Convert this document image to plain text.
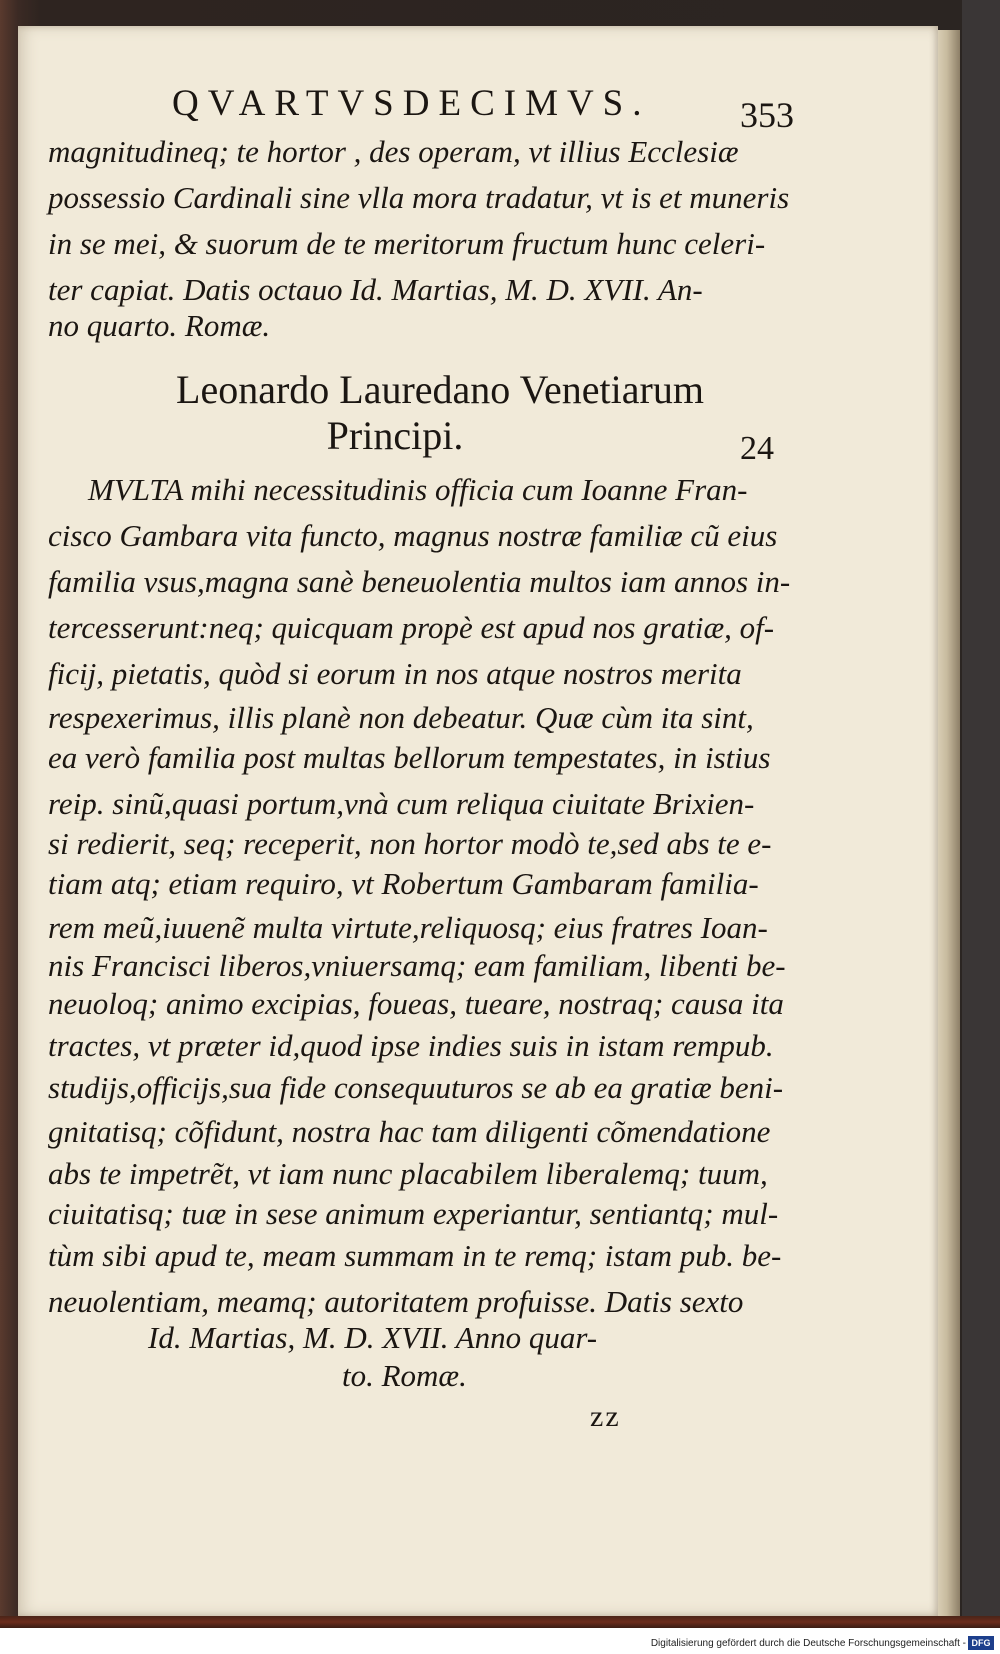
QVARTVSDECIMVS. 353
magnitudineq; te hortor , des operam, vt illius Ecclesiæ
possessio Cardinali sine vlla mora tradatur, vt is et muneris
in se mei, & suorum de te meritorum fructum hunc celeri-
ter capiat. Datis octauo Id. Martias, M. D. XVII. An-
no quarto. Romæ.
Leonardo Lauredano Venetiarum
Principi.	24
MVLTA mihi necessitudinis officia cum Ioanne Fran-
cisco Gambara vita functo, magnus nostræ familiæ cũ eius
familia vsus,magna sanè beneuolentia multos iam annos in-
tercesserunt:neq; quicquam propè est apud nos gratiæ, of-
ficij, pietatis, quòd si eorum in nos atque nostros merita
respexerimus, illis planè non debeatur. Quæ cùm ita sint,
ea verò familia post multas bellorum tempestates, in istius
reip. sinũ,quasi portum,vnà cum reliqua ciuitate Brixien-
si redierit, seq; receperit, non hortor modò te,sed abs te e-
tiam atq; etiam requiro, vt Robertum Gambaram familia-
rem meũ,iuuenẽ multa virtute,reliquosq; eius fratres Ioan-
nis Francisci liberos,vniuersamq; eam familiam, libenti be-
neuoloq; animo excipias, foueas, tueare, nostraq; causa ita
tractes, vt præter id,quod ipse indies suis in istam rempub.
studijs,officijs,sua fide consequuturos se ab ea gratiæ beni-
gnitatisq; cõfidunt, nostra hac tam diligenti cõmendatione
abs te impetrẽt, vt iam nunc placabilem liberalemq; tuum,
ciuitatisq; tuæ in sese animum experiantur, sentiantq; mul-
tùm sibi apud te, meam summam in te remq; istam pub. be-
neuolentiam, meamq; autoritatem profuisse. Datis sexto
Id. Martias, M. D. XVII. Anno quar-
to. Romæ.
zz
Digitalisierung gefördert durch die Deutsche Forschungsgemeinschaft - DFG
